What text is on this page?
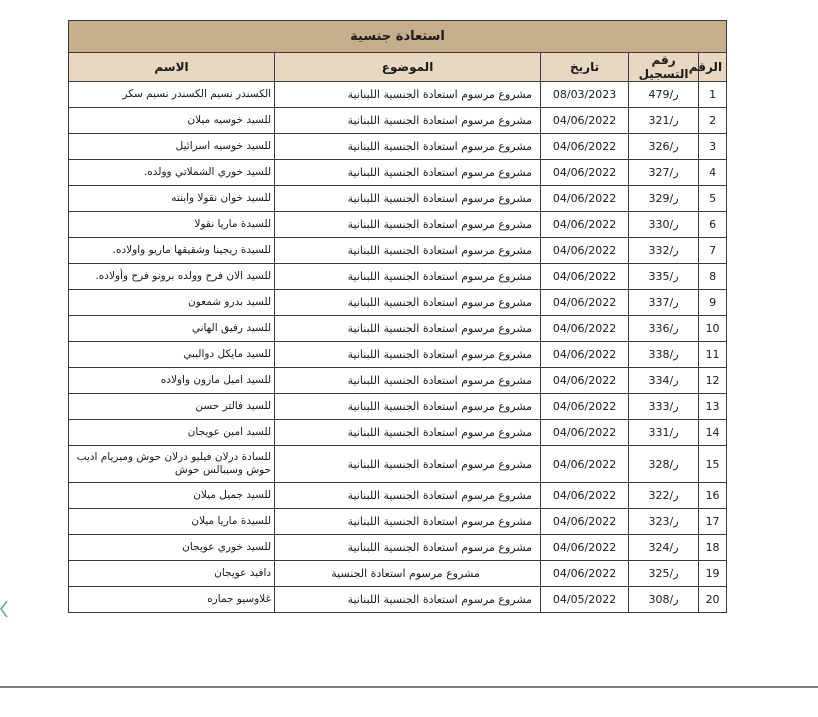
استعادة جنسية				
الرقم	رقم التسجيل	تاريخ	الموضوع	الاسم
1	479/ر	08/03/2023	مشروع مرسوم استعادة الجنسية اللبنانية	الكسندر نسيم الكسندر نسيم سكر
2	321/ر	04/06/2022	مشروع مرسوم استعادة الجنسية اللبنانية	للسيد خوسيه ميلان
3	326/ر	04/06/2022	مشروع مرسوم استعادة الجنسية اللبنانية	للسيد خوسيه اسرائيل
4	327/ر	04/06/2022	مشروع مرسوم استعادة الجنسية اللبنانية	للسيد خوري الشملاتي وولده.
5	329/ر	04/06/2022	مشروع مرسوم استعادة الجنسية اللبنانية	للسيد خوان نقولا وابنته
6	330/ر	04/06/2022	مشروع مرسوم استعادة الجنسية اللبنانية	للسيدة ماريا نقولا
7	332/ر	04/06/2022	مشروع مرسوم استعادة الجنسية اللبنانية	للسيدة ريجينا وشقيقها ماريو واولاده.
8	335/ر	04/06/2022	مشروع مرسوم استعادة الجنسية اللبنانية	للسيد الان فرح وولده برونو فرح وأولاده.
9	337/ر	04/06/2022	مشروع مرسوم استعادة الجنسية اللبنانية	للسيد بدرو شمعون
10	336/ر	04/06/2022	مشروع مرسوم استعادة الجنسية اللبنانية	للسيد رفيق الهاني
11	338/ر	04/06/2022	مشروع مرسوم استعادة الجنسية اللبنانية	للسيد مايكل دواليبي
12	334/ر	04/06/2022	مشروع مرسوم استعادة الجنسية اللبنانية	للسيد اميل مارون واولاده
13	333/ر	04/06/2022	مشروع مرسوم استعادة الجنسية اللبنانية	للسيد فالتر حسن
14	331/ر	04/06/2022	مشروع مرسوم استعادة الجنسية اللبنانية	للسيد امين عويجان
15	328/ر	04/06/2022	مشروع مرسوم استعادة الجنسية اللبنانية	للسادة درلان فيليو درلان حوش وميريام اديب حوش وسيبالس حوش
16	322/ر	04/06/2022	مشروع مرسوم استعادة الجنسية اللبنانية	للسيد جميل ميلان
17	323/ر	04/06/2022	مشروع مرسوم استعادة الجنسية اللبنانية	للسيدة ماريا ميلان
18	324/ر	04/06/2022	مشروع مرسوم استعادة الجنسية اللبنانية	للسيد خوري عويجان
19	325/ر	04/06/2022	مشروع مرسوم استعادة الجنسية	دافيد عويجان
20	308/ر	04/05/2022	مشروع مرسوم استعادة الجنسية اللبنانية	غلاوسيو جماره
